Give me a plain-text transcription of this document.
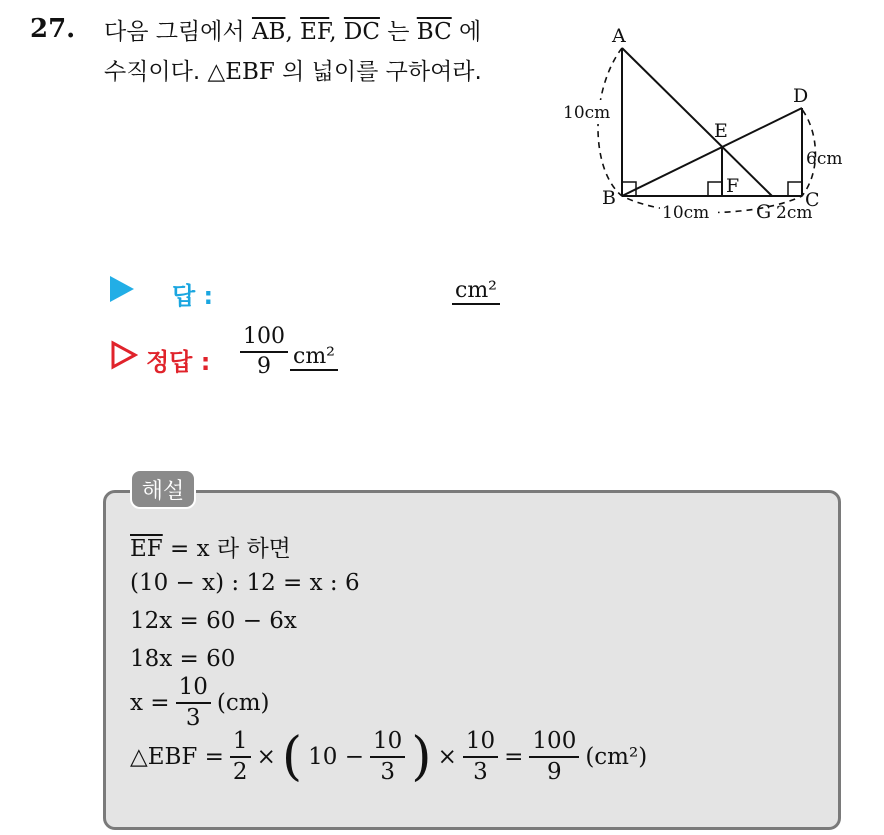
27. 다음 그림에서 $\overline{AB}$, $\overline{EF}$, $\overline{DC}$ 는 $\overline{BC}$ 에
수직이다. △EBF 의 넓이를 구하여라.
A
B	C
D
E
F
G
10cm
6cm
10cm	2cm
답 :	cm²
정답 : $\frac{100}{9} cm^2$
해설
$\overline{EF} = x$ 라 하면
(10 − x) : 12 = x : 6
12x = 60 − 6x
18x = 60
$x = \frac{10}{3} (cm)$
△EBF = $\frac{1}{2}$ × ( $10 - \frac{10}{3}$ ) × $\frac{10}{3} = \frac{100}{9} (cm^2)$
